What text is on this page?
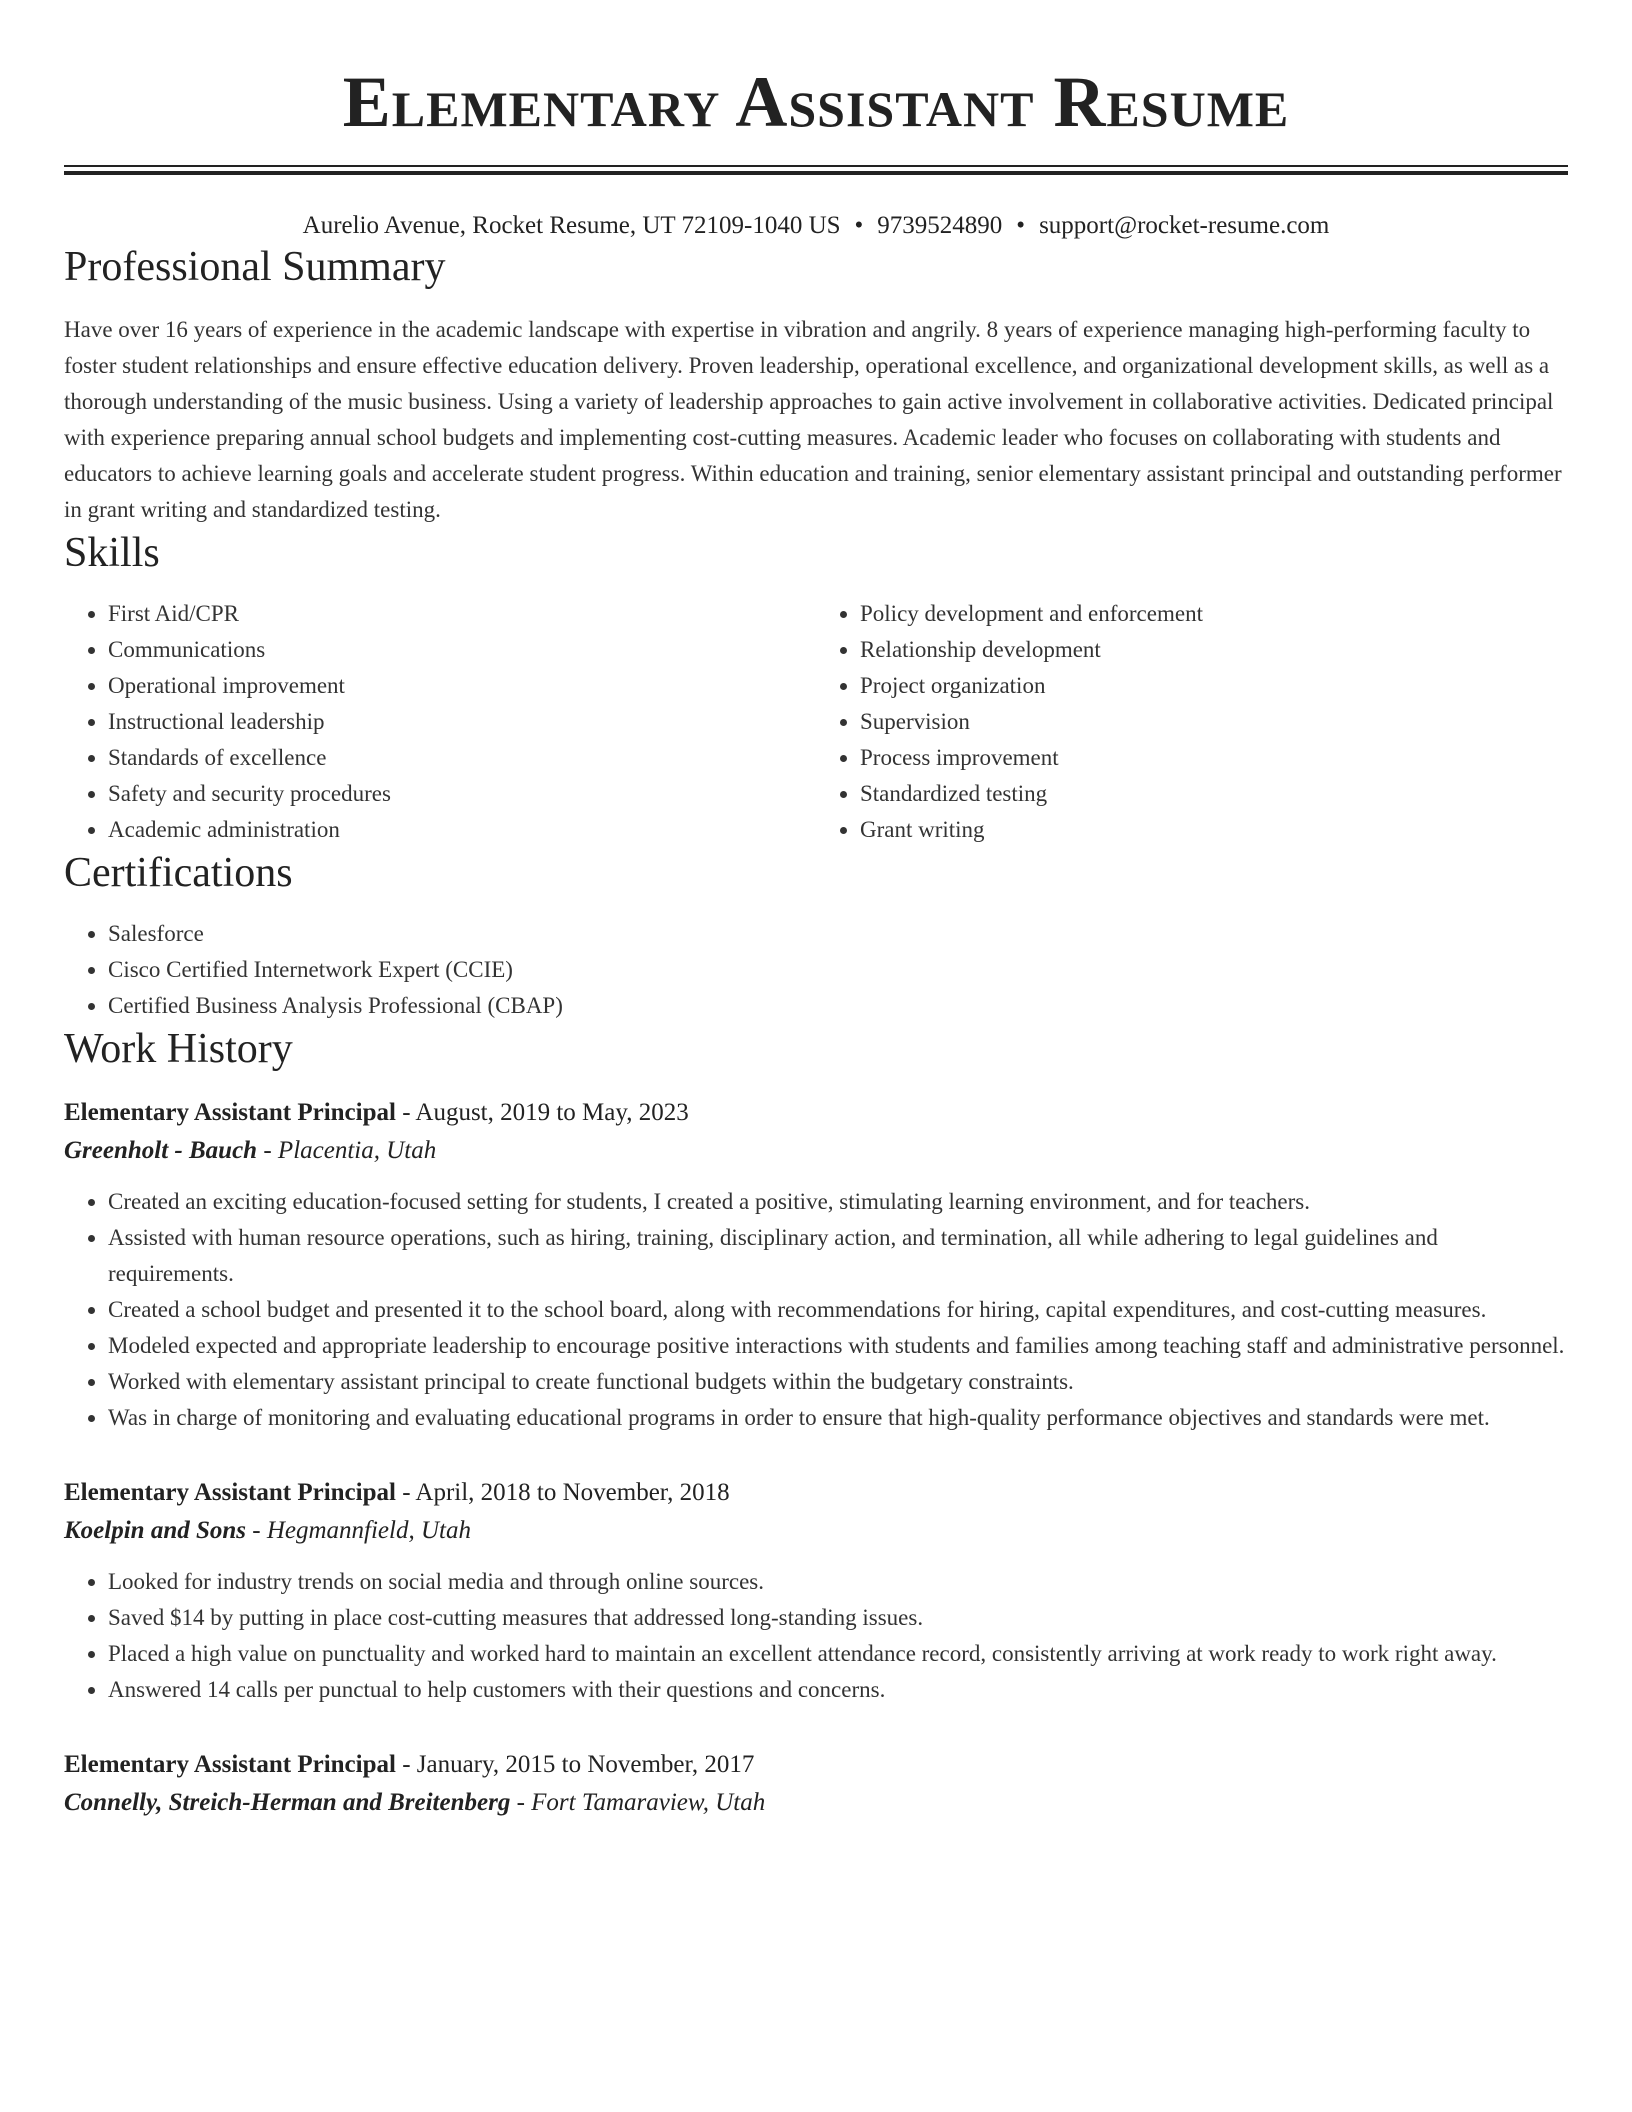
Elementary Assistant Resume
Aurelio Avenue, Rocket Resume, UT 72109-1040 US • 9739524890 • support@rocket-resume.com
Professional Summary

Have over 16 years of experience in the academic landscape with expertise in vibration and angrily. 8 years of experience managing high-performing faculty to foster student relationships and ensure effective education delivery. Proven leadership, operational excellence, and organizational development skills, as well as a thorough understanding of the music business. Using a variety of leadership approaches to gain active involvement in collaborative activities. Dedicated principal with experience preparing annual school budgets and implementing cost-cutting measures. Academic leader who focuses on collaborating with students and educators to achieve learning goals and accelerate student progress. Within education and training, senior elementary assistant principal and outstanding performer in grant writing and standardized testing.

Skills
• First Aid/CPR
• Communications
• Operational improvement
• Instructional leadership
• Standards of excellence
• Safety and security procedures
• Academic administration
• Policy development and enforcement
• Relationship development
• Project organization
• Supervision
• Process improvement
• Standardized testing
• Grant writing
Certifications
• Salesforce
• Cisco Certified Internetwork Expert (CCIE)
• Certified Business Analysis Professional (CBAP)
Work History
Elementary Assistant Principal - August, 2019 to May, 2023
Greenholt - Bauch - Placentia, Utah
• Created an exciting education-focused setting for students, I created a positive, stimulating learning environment, and for teachers.
• Assisted with human resource operations, such as hiring, training, disciplinary action, and termination, all while adhering to legal guidelines and requirements.
• Created a school budget and presented it to the school board, along with recommendations for hiring, capital expenditures, and cost-cutting measures.
• Modeled expected and appropriate leadership to encourage positive interactions with students and families among teaching staff and administrative personnel.
• Worked with elementary assistant principal to create functional budgets within the budgetary constraints.
• Was in charge of monitoring and evaluating educational programs in order to ensure that high-quality performance objectives and standards were met.
Elementary Assistant Principal - April, 2018 to November, 2018
Koelpin and Sons - Hegmannfield, Utah
• Looked for industry trends on social media and through online sources.
• Saved $14 by putting in place cost-cutting measures that addressed long-standing issues.
• Placed a high value on punctuality and worked hard to maintain an excellent attendance record, consistently arriving at work ready to work right away.
• Answered 14 calls per punctual to help customers with their questions and concerns.
Elementary Assistant Principal - January, 2015 to November, 2017
Connelly, Streich-Herman and Breitenberg - Fort Tamaraview, Utah
